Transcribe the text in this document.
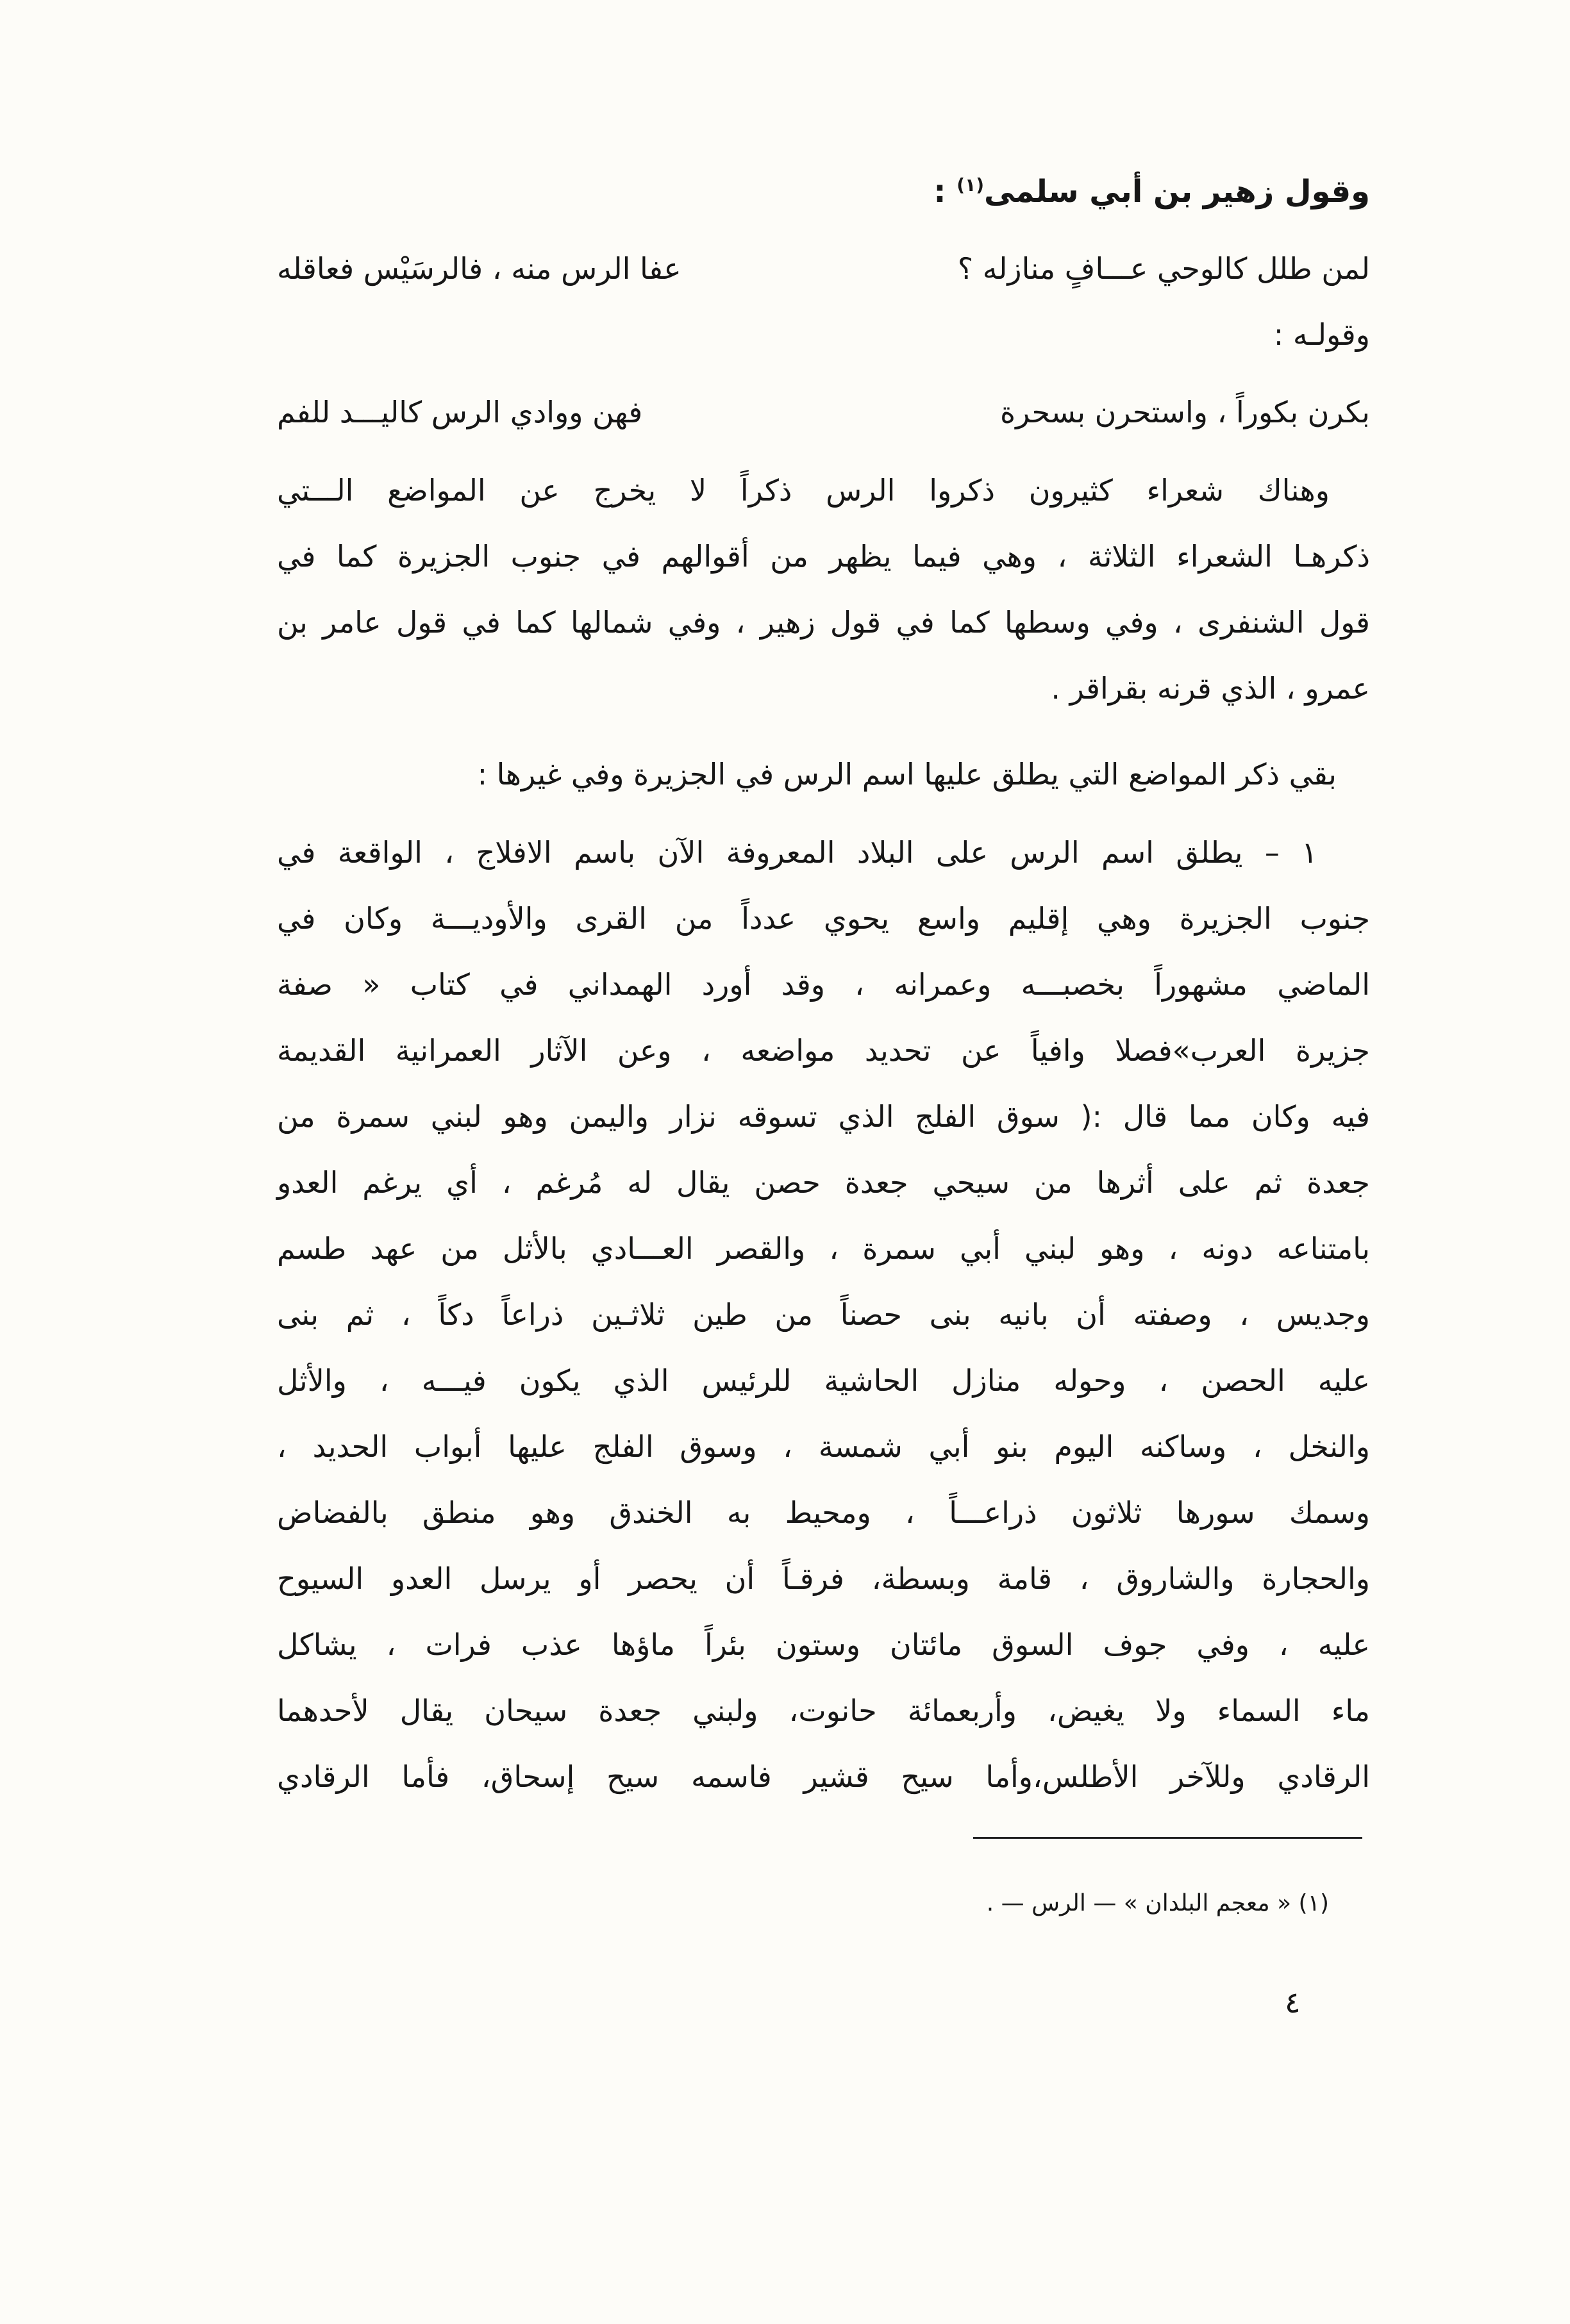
وقول زهير بن أبي سلمى$^{(١)}$ :
لمن طلل كالوحي عـــافٍ منازله ؟
عفا الرس منه ، فالرسَيْس فعاقله
وقولـه :
بكرن بكوراً ، واستحرن بسحرة
فهن ووادي الرس كاليـــد للفم
وهناك شعراء كثيرون ذكروا الرس ذكراً لا يخرج عن المواضع الـــتي
ذكرهـا الشعراء الثلاثة ، وهي فيما يظهر من أقوالهم في جنوب الجزيرة كما في
قول الشنفرى ، وفي وسطها كما في قول زهير ، وفي شمالها كما في قول عامر بن
عمرو ، الذي قرنه بقراقر .
بقي ذكر المواضع التي يطلق عليها اسم الرس في الجزيرة وفي غيرها :
١ – يطلق اسم الرس على البلاد المعروفة الآن باسم الافلاج ، الواقعة في
جنوب الجزيرة وهي إقليم واسع يحوي عدداً من القرى والأوديـــة وكان في
الماضي مشهوراً بخصبـــه وعمرانه ، وقد أورد الهمداني في كتاب « صفة
جزيرة العرب»فصلا وافياً عن تحديد مواضعه ، وعن الآثار العمرانية القديمة
فيه وكان مما قال :( سوق الفلج الذي تسوقه نزار واليمن وهو لبني سمرة من
جعدة ثم على أثرها من سيحي جعدة حصن يقال له مُرغم ، أي يرغم العدو
بامتناعه دونه ، وهو لبني أبي سمرة ، والقصر العـــادي بالأثل من عهد طسم
وجديس ، وصفته أن بانيه بنى حصناً من طين ثلاثـين ذراعاً دكاً ، ثم بنى
عليه الحصن ، وحوله منازل الحاشية للرئيس الذي يكون فيـــه ، والأثل
والنخل ، وساكنه اليوم بنو أبي شمسة ، وسوق الفلج عليها أبواب الحديد ،
وسمك سورها ثلاثون ذراعـــاً ، ومحيط به الخندق وهو منطق بالفضاض
والحجارة والشاروق ، قامة وبسطة، فرقـاً أن يحصر أو يرسل العدو السيوح
عليه ، وفي جوف السوق مائتان وستون بئراً ماؤها عذب فرات ، يشاكل
ماء السماء ولا يغيض، وأربعمائة حانوت، ولبني جعدة سيحان يقال لأحدهما
الرقادي وللآخر الأطلس،وأما سيح قشير فاسمه سيح إسحاق، فأما الرقادي
(١) « معجم البلدان » — الرس — .
٤
